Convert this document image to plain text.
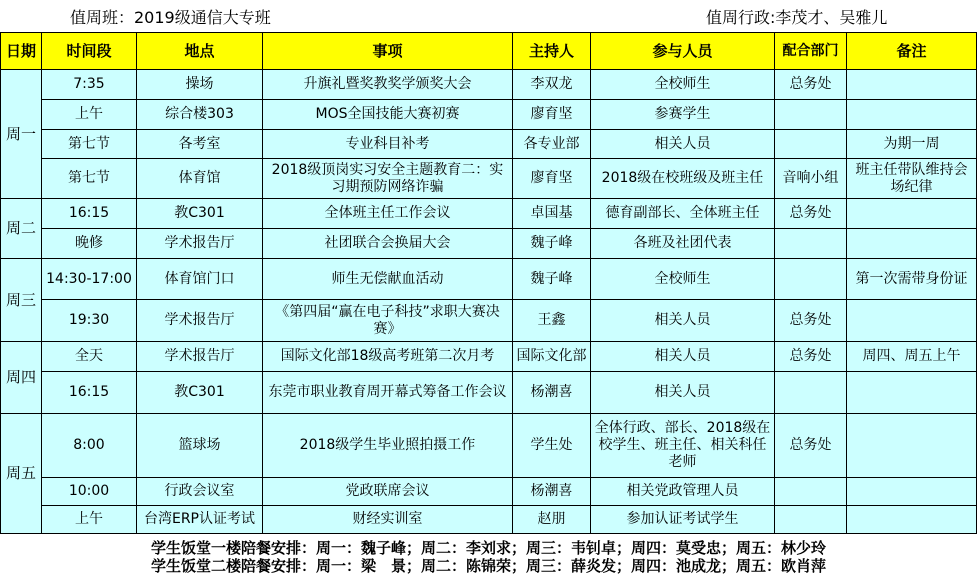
值周班：2019级通信大专班	值周行政:李茂才、吴雅儿
日期	时间段	地点	事项	主持人	参与人员	配合部门	备注
周一	7:35	操场	升旗礼暨奖教奖学颁奖大会	李双龙	全校师生	总务处	
	上午	综合楼303	MOS全国技能大赛初赛	廖育坚	参赛学生		
	第七节	各考室	专业科目补考	各专业部	相关人员		为期一周
	第七节	体育馆	2018级顶岗实习安全主题教育二：实习期预防网络诈骗	廖育坚	2018级在校班级及班主任	音响小组	班主任带队维持会场纪律
周二	16:15	教C301	全体班主任工作会议	卓国基	德育副部长、全体班主任	总务处	
	晚修	学术报告厅	社团联合会换届大会	魏子峰	各班及社团代表		
周三	14:30-17:00	体育馆门口	师生无偿献血活动	魏子峰	全校师生		第一次需带身份证
	19:30	学术报告厅	《第四届“赢在电子科技”求职大赛决赛》	王鑫	相关人员	总务处	
周四	全天	学术报告厅	国际文化部18级高考班第二次月考	国际文化部	相关人员	总务处	周四、周五上午
	16:15	教C301	东莞市职业教育周开幕式筹备工作会议	杨潮喜	相关人员		
周五	8:00	篮球场	2018级学生毕业照拍摄工作	学生处	全体行政、部长、2018级在校学生、班主任、相关科任老师	总务处	
	10:00	行政会议室	党政联席会议	杨潮喜	相关党政管理人员		
	上午	台湾ERP认证考试	财经实训室	赵朋	参加认证考试学生		
学生饭堂一楼陪餐安排：周一：魏子峰；周二：李刘求；周三：韦钊卓；周四：莫受忠；周五：林少玲
学生饭堂二楼陪餐安排：周一：梁　景；周二：陈锦荣；周三：薛炎发；周四：池成龙；周五：欧肖萍
